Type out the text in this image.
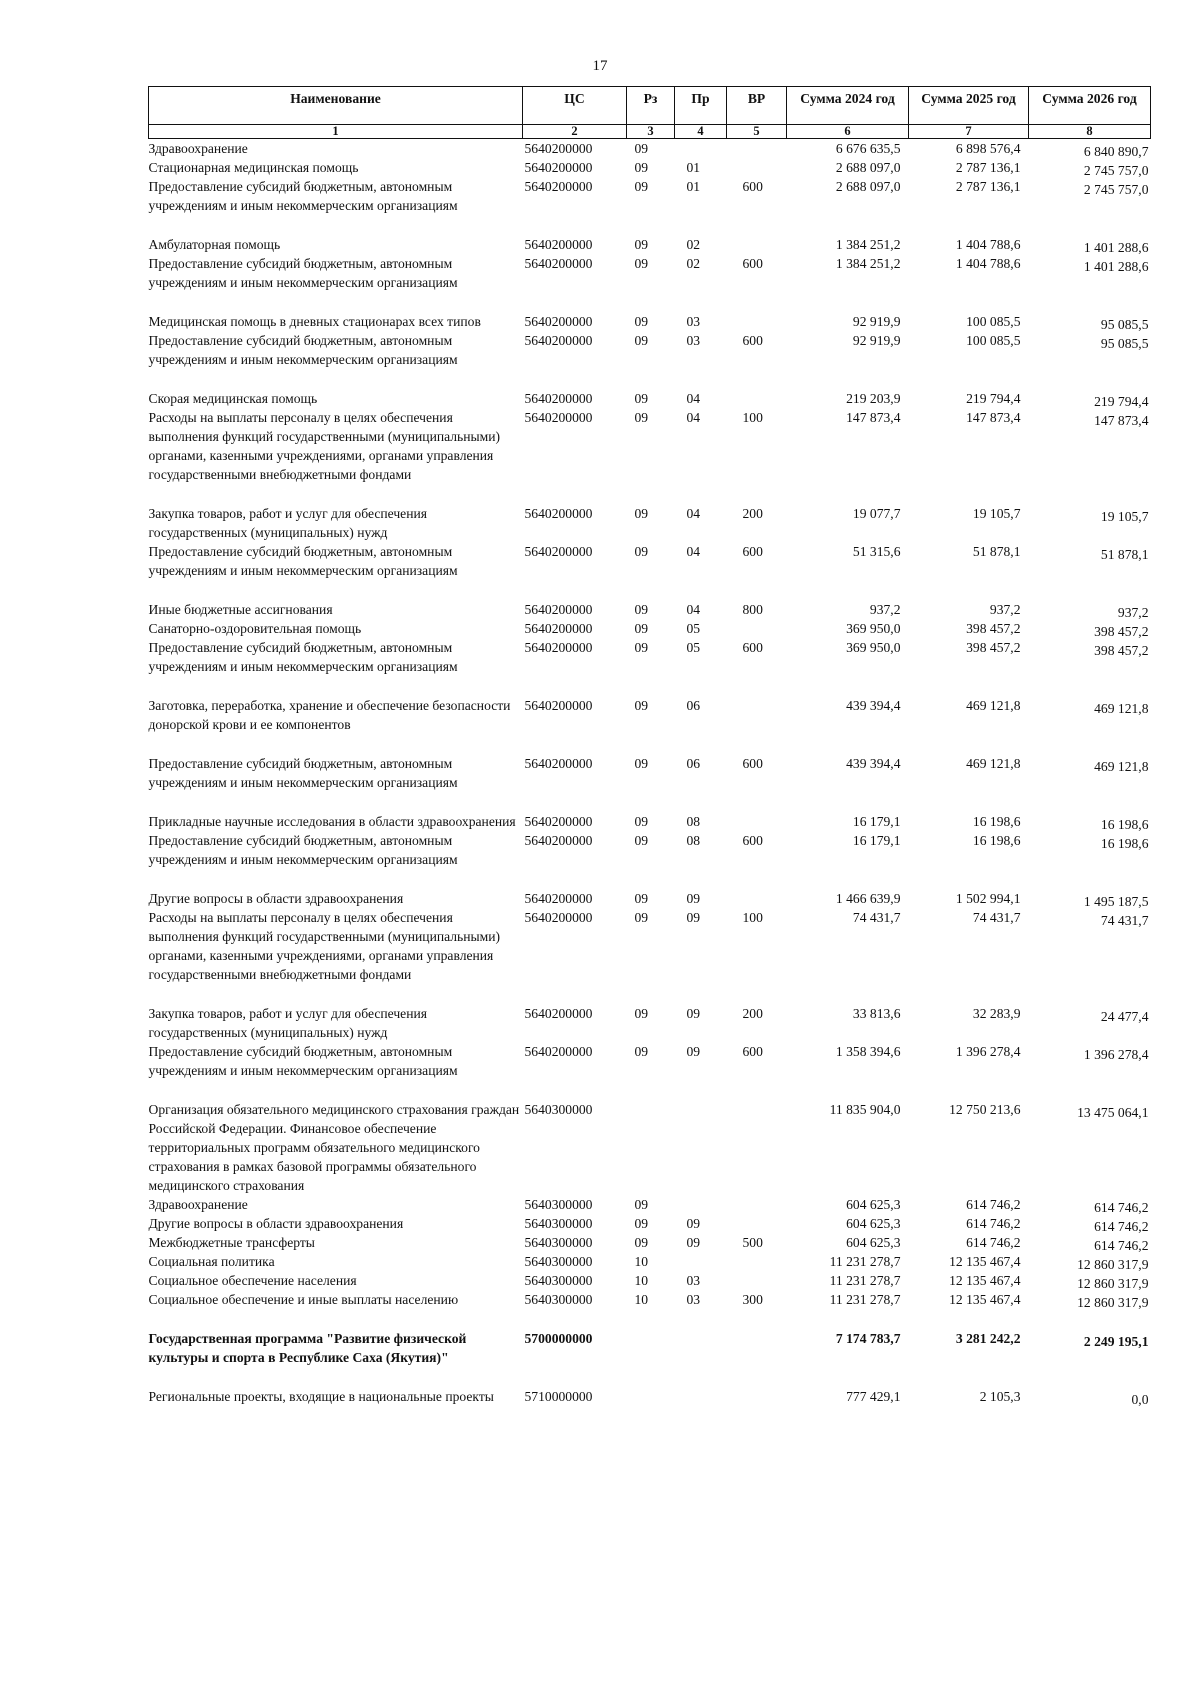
17
Наименование	ЦС	Рз	Пр	ВР	Сумма 2024 год	Сумма 2025 год	Сумма 2026 год
1	2	3	4	5	6	7	8
Здравоохранение	5640200000	09			6 676 635,5	6 898 576,4	6 840 890,7
Стационарная медицинская помощь	5640200000	09	01		2 688 097,0	2 787 136,1	2 745 757,0
Предоставление субсидий бюджетным, автономным учреждениям и иным некоммерческим организациям	5640200000	09	01	600	2 688 097,0	2 787 136,1	2 745 757,0
Амбулаторная помощь	5640200000	09	02		1 384 251,2	1 404 788,6	1 401 288,6
Предоставление субсидий бюджетным, автономным учреждениям и иным некоммерческим организациям	5640200000	09	02	600	1 384 251,2	1 404 788,6	1 401 288,6
Медицинская помощь в дневных стационарах всех типов	5640200000	09	03		92 919,9	100 085,5	95 085,5
Предоставление субсидий бюджетным, автономным учреждениям и иным некоммерческим организациям	5640200000	09	03	600	92 919,9	100 085,5	95 085,5
Скорая медицинская помощь	5640200000	09	04		219 203,9	219 794,4	219 794,4
Расходы на выплаты персоналу в целях обеспечения выполнения функций государственными (муниципальными) органами, казенными учреждениями, органами управления государственными внебюджетными фондами	5640200000	09	04	100	147 873,4	147 873,4	147 873,4
Закупка товаров, работ и услуг для обеспечения государственных (муниципальных) нужд	5640200000	09	04	200	19 077,7	19 105,7	19 105,7
Предоставление субсидий бюджетным, автономным учреждениям и иным некоммерческим организациям	5640200000	09	04	600	51 315,6	51 878,1	51 878,1
Иные бюджетные ассигнования	5640200000	09	04	800	937,2	937,2	937,2
Санаторно-оздоровительная помощь	5640200000	09	05		369 950,0	398 457,2	398 457,2
Предоставление субсидий бюджетным, автономным учреждениям и иным некоммерческим организациям	5640200000	09	05	600	369 950,0	398 457,2	398 457,2
Заготовка, переработка, хранение и обеспечение безопасности донорской крови и ее компонентов	5640200000	09	06		439 394,4	469 121,8	469 121,8
Предоставление субсидий бюджетным, автономным учреждениям и иным некоммерческим организациям	5640200000	09	06	600	439 394,4	469 121,8	469 121,8
Прикладные научные исследования в области здравоохранения	5640200000	09	08		16 179,1	16 198,6	16 198,6
Предоставление субсидий бюджетным, автономным учреждениям и иным некоммерческим организациям	5640200000	09	08	600	16 179,1	16 198,6	16 198,6
Другие вопросы в области здравоохранения	5640200000	09	09		1 466 639,9	1 502 994,1	1 495 187,5
Расходы на выплаты персоналу в целях обеспечения выполнения функций государственными (муниципальными) органами, казенными учреждениями, органами управления государственными внебюджетными фондами	5640200000	09	09	100	74 431,7	74 431,7	74 431,7
Закупка товаров, работ и услуг для обеспечения государственных (муниципальных) нужд	5640200000	09	09	200	33 813,6	32 283,9	24 477,4
Предоставление субсидий бюджетным, автономным учреждениям и иным некоммерческим организациям	5640200000	09	09	600	1 358 394,6	1 396 278,4	1 396 278,4
Организация обязательного медицинского страхования граждан Российской Федерации. Финансовое обеспечение территориальных программ обязательного медицинского страхования в рамках базовой программы обязательного медицинского страхования	5640300000				11 835 904,0	12 750 213,6	13 475 064,1
Здравоохранение	5640300000	09			604 625,3	614 746,2	614 746,2
Другие вопросы в области здравоохранения	5640300000	09	09		604 625,3	614 746,2	614 746,2
Межбюджетные трансферты	5640300000	09	09	500	604 625,3	614 746,2	614 746,2
Социальная политика	5640300000	10			11 231 278,7	12 135 467,4	12 860 317,9
Социальное обеспечение населения	5640300000	10	03		11 231 278,7	12 135 467,4	12 860 317,9
Социальное обеспечение и иные выплаты населению	5640300000	10	03	300	11 231 278,7	12 135 467,4	12 860 317,9
Государственная программа "Развитие физической культуры и спорта в Республике Саха (Якутия)"	5700000000				7 174 783,7	3 281 242,2	2 249 195,1
Региональные проекты, входящие в национальные проекты	5710000000				777 429,1	2 105,3	0,0
